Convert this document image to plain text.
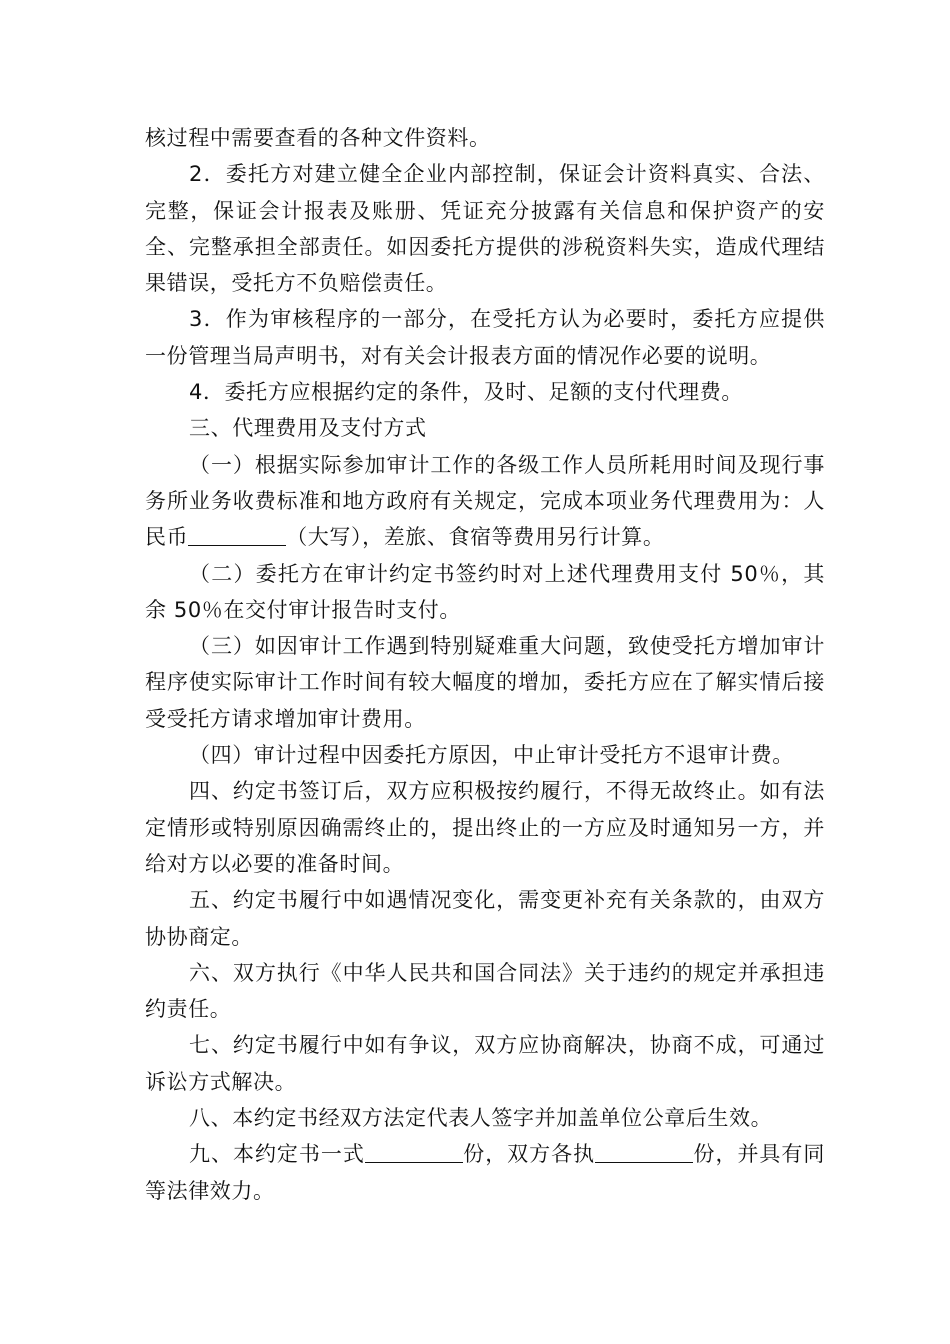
核过程中需要查看的各种文件资料。

2．委托方对建立健全企业内部控制，保证会计资料真实、合法、完整，保证会计报表及账册、凭证充分披露有关信息和保护资产的安全、完整承担全部责任。如因委托方提供的涉税资料失实，造成代理结果错误，受托方不负赔偿责任。

3．作为审核程序的一部分，在受托方认为必要时，委托方应提供一份管理当局声明书，对有关会计报表方面的情况作必要的说明。

4．委托方应根据约定的条件，及时、足额的支付代理费。

三、代理费用及支付方式

（一）根据实际参加审计工作的各级工作人员所耗用时间及现行事务所业务收费标准和地方政府有关规定，完成本项业务代理费用为：人民币	（大写），差旅、食宿等费用另行计算。

（二）委托方在审计约定书签约时对上述代理费用支付 50％，其余 50％在交付审计报告时支付。

（三）如因审计工作遇到特别疑难重大问题，致使受托方增加审计程序使实际审计工作时间有较大幅度的增加，委托方应在了解实情后接受受托方请求增加审计费用。

（四）审计过程中因委托方原因，中止审计受托方不退审计费。

四、约定书签订后，双方应积极按约履行，不得无故终止。如有法定情形或特别原因确需终止的，提出终止的一方应及时通知另一方，并给对方以必要的准备时间。

五、约定书履行中如遇情况变化，需变更补充有关条款的，由双方协协商定。

六、双方执行《中华人民共和国合同法》关于违约的规定并承担违约责任。

七、约定书履行中如有争议，双方应协商解决，协商不成，可通过诉讼方式解决。

八、本约定书经双方法定代表人签字并加盖单位公章后生效。

九、本约定书一式	份，双方各执	份，并具有同等法律效力。
